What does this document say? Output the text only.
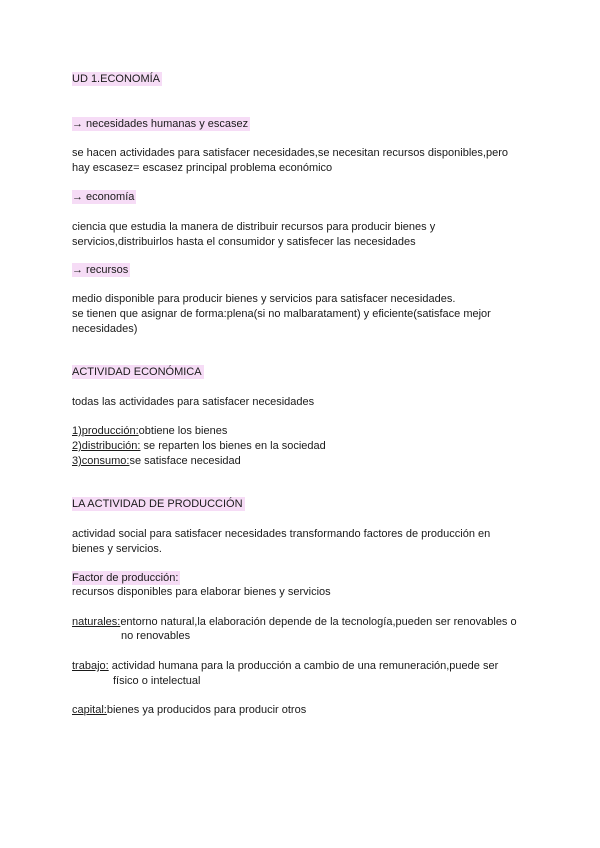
UD 1.ECONOMÍA
→ necesidades humanas y escasez
se hacen actividades para satisfacer necesidades,se necesitan recursos disponibles,pero
hay escasez= escasez principal problema económico
→ economía
ciencia que estudia la manera de distribuir recursos para producir bienes y
servicios,distribuirlos hasta el consumidor y satisfecer las necesidades
→ recursos
medio disponible para producir bienes y servicios para satisfacer necesidades.
se tienen que asignar de forma:plena(si no malbaratament) y eficiente(satisface mejor
necesidades)
ACTIVIDAD ECONÓMICA
todas las actividades para satisfacer necesidades
1)producción:obtiene los bienes
2)distribución: se reparten los bienes en la sociedad
3)consumo:se satisface necesidad
LA ACTIVIDAD DE PRODUCCIÓN
actividad social para satisfacer necesidades transformando factores de producción en
bienes y servicios.
Factor de producción:
recursos disponibles para elaborar bienes y servicios
naturales:entorno natural,la elaboración depende de la tecnología,pueden ser renovables o
no renovables
trabajo: actividad humana para la producción a cambio de una remuneración,puede ser
físico o intelectual
capital:bienes ya producidos para producir otros
